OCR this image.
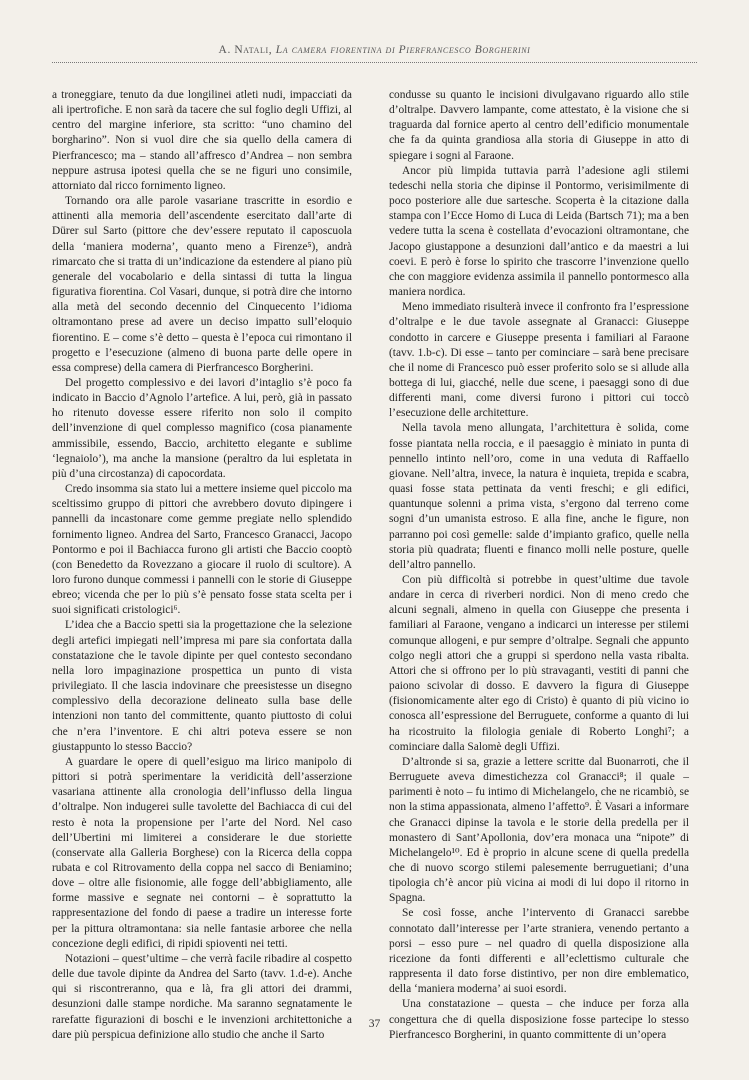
A. Natali, La camera fiorentina di Pierfrancesco Borgherini

a troneggiare, tenuto da due longilinei atleti nudi, impacciati da ali ipertrofiche. E non sarà da tacere che sul foglio degli Uffizi, al centro del margine inferiore, sta scritto: “uno chamino del borgharino”. Non si vuol dire che sia quello della camera di Pierfrancesco; ma – stando all’affresco d’Andrea – non sembra neppure astrusa ipotesi quella che se ne figuri uno consimile, attorniato dal ricco fornimento ligneo.

Tornando ora alle parole vasariane trascritte in esordio e attinenti alla memoria dell’ascendente esercitato dall’arte di Dürer sul Sarto (pittore che dev’essere reputato il caposcuola della ‘maniera moderna’, quanto meno a Firenze⁵), andrà rimarcato che si tratta di un’indicazione da estendere al piano più generale del vocabolario e della sintassi di tutta la lingua figurativa fiorentina. Col Vasari, dunque, si potrà dire che intorno alla metà del secondo decennio del Cinquecento l’idioma oltramontano prese ad avere un deciso impatto sull’eloquio fiorentino. E – come s’è detto – questa è l’epoca cui rimontano il progetto e l’esecuzione (almeno di buona parte delle opere in essa comprese) della camera di Pierfrancesco Borgherini.

Del progetto complessivo e dei lavori d’intaglio s’è poco fa indicato in Baccio d’Agnolo l’artefice. A lui, però, già in passato ho ritenuto dovesse essere riferito non solo il compito dell’invenzione di quel complesso magnifico (cosa pianamente ammissibile, essendo, Baccio, architetto elegante e sublime ‘legnaiolo’), ma anche la mansione (peraltro da lui espletata in più d’una circostanza) di capocordata.

Credo insomma sia stato lui a mettere insieme quel piccolo ma sceltissimo gruppo di pittori che avrebbero dovuto dipingere i pannelli da incastonare come gemme pregiate nello splendido fornimento ligneo. Andrea del Sarto, Francesco Granacci, Jacopo Pontormo e poi il Bachiacca furono gli artisti che Baccio cooptò (con Benedetto da Rovezzano a giocare il ruolo di scultore). A loro furono dunque commessi i pannelli con le storie di Giuseppe ebreo; vicenda che per lo più s’è pensato fosse stata scelta per i suoi significati cristologici⁶.

L’idea che a Baccio spetti sia la progettazione che la selezione degli artefici impiegati nell’impresa mi pare sia confortata dalla constatazione che le tavole dipinte per quel contesto secondano nella loro impaginazione prospettica un punto di vista privilegiato. Il che lascia indovinare che preesistesse un disegno complessivo della decorazione delineato sulla base delle intenzioni non tanto del committente, quanto piuttosto di colui che n’era l’inventore. E chi altri poteva essere se non giustappunto lo stesso Baccio?

A guardare le opere di quell’esiguo ma lirico manipolo di pittori si potrà sperimentare la veridicità dell’asserzione vasariana attinente alla cronologia dell’influsso della lingua d’oltralpe. Non indugerei sulle tavolette del Bachiacca di cui del resto è nota la propensione per l’arte del Nord. Nel caso dell’Ubertini mi limiterei a considerare le due storiette (conservate alla Galleria Borghese) con la Ricerca della coppa rubata e col Ritrovamento della coppa nel sacco di Beniamino; dove – oltre alle fisionomie, alle fogge dell’abbigliamento, alle forme massive e segnate nei contorni – è soprattutto la rappresentazione del fondo di paese a tradire un interesse forte per la pittura oltramontana: sia nelle fantasie arboree che nella concezione degli edifici, di ripidi spioventi nei tetti.

Notazioni – quest’ultime – che verrà facile ribadire al cospetto delle due tavole dipinte da Andrea del Sarto (tavv. 1.d-e). Anche qui si riscontreranno, qua e là, fra gli attori dei drammi, desunzioni dalle stampe nordiche. Ma saranno segnatamente le rarefatte figurazioni di boschi e le invenzioni architettoniche a dare più perspicua definizione allo studio che anche il Sarto

condusse su quanto le incisioni divulgavano riguardo allo stile d’oltralpe. Davvero lampante, come attestato, è la visione che si traguarda dal fornice aperto al centro dell’edificio monumentale che fa da quinta grandiosa alla storia di Giuseppe in atto di spiegare i sogni al Faraone.

Ancor più limpida tuttavia parrà l’adesione agli stilemi tedeschi nella storia che dipinse il Pontormo, verisimilmente di poco posteriore alle due sartesche. Scoperta è la citazione dalla stampa con l’Ecce Homo di Luca di Leida (Bartsch 71); ma a ben vedere tutta la scena è costellata d’evocazioni oltramontane, che Jacopo giustappone a desunzioni dall’antico e da maestri a lui coevi. E però è forse lo spirito che trascorre l’invenzione quello che con maggiore evidenza assimila il pannello pontormesco alla maniera nordica.

Meno immediato risulterà invece il confronto fra l’espressione d’oltralpe e le due tavole assegnate al Granacci: Giuseppe condotto in carcere e Giuseppe presenta i familiari al Faraone (tavv. 1.b-c). Di esse – tanto per cominciare – sarà bene precisare che il nome di Francesco può esser proferito solo se si allude alla bottega di lui, giacché, nelle due scene, i paesaggi sono di due differenti mani, come diversi furono i pittori cui toccò l’esecuzione delle architetture.

Nella tavola meno allungata, l’architettura è solida, come fosse piantata nella roccia, e il paesaggio è miniato in punta di pennello intinto nell’oro, come in una veduta di Raffaello giovane. Nell’altra, invece, la natura è inquieta, trepida e scabra, quasi fosse stata pettinata da venti freschi; e gli edifici, quantunque solenni a prima vista, s’ergono dal terreno come sogni d’un umanista estroso. E alla fine, anche le figure, non parranno poi così gemelle: salde d’impianto grafico, quelle nella storia più quadrata; fluenti e financo molli nelle posture, quelle dell’altro pannello.

Con più difficoltà si potrebbe in quest’ultime due tavole andare in cerca di riverberi nordici. Non di meno credo che alcuni segnali, almeno in quella con Giuseppe che presenta i familiari al Faraone, vengano a indicarci un interesse per stilemi comunque allogeni, e pur sempre d’oltralpe. Segnali che appunto colgo negli attori che a gruppi si sperdono nella vasta ribalta. Attori che si offrono per lo più stravaganti, vestiti di panni che paiono scivolar di dosso. E davvero la figura di Giuseppe (fisionomicamente alter ego di Cristo) è quanto di più vicino io conosca all’espressione del Berruguete, conforme a quanto di lui ha ricostruito la filologia geniale di Roberto Longhi⁷; a cominciare dalla Salomè degli Uffizi.

D’altronde si sa, grazie a lettere scritte dal Buonarroti, che il Berruguete aveva dimestichezza col Granacci⁸; il quale – parimenti è noto – fu intimo di Michelangelo, che ne ricambiò, se non la stima appassionata, almeno l’affetto⁹. È Vasari a informare che Granacci dipinse la tavola e le storie della predella per il monastero di Sant’Apollonia, dov’era monaca una “nipote” di Michelangelo¹⁰. Ed è proprio in alcune scene di quella predella che di nuovo scorgo stilemi palesemente berruguetiani; d’una tipologia ch’è ancor più vicina ai modi di lui dopo il ritorno in Spagna.

Se così fosse, anche l’intervento di Granacci sarebbe connotato dall’interesse per l’arte straniera, venendo pertanto a porsi – esso pure – nel quadro di quella disposizione alla ricezione da fonti differenti e all’eclettismo culturale che rappresenta il dato forse distintivo, per non dire emblematico, della ‘maniera moderna’ ai suoi esordi.

Una constatazione – questa – che induce per forza alla congettura che di quella disposizione fosse partecipe lo stesso Pierfrancesco Borgherini, in quanto committente di un’opera

37
